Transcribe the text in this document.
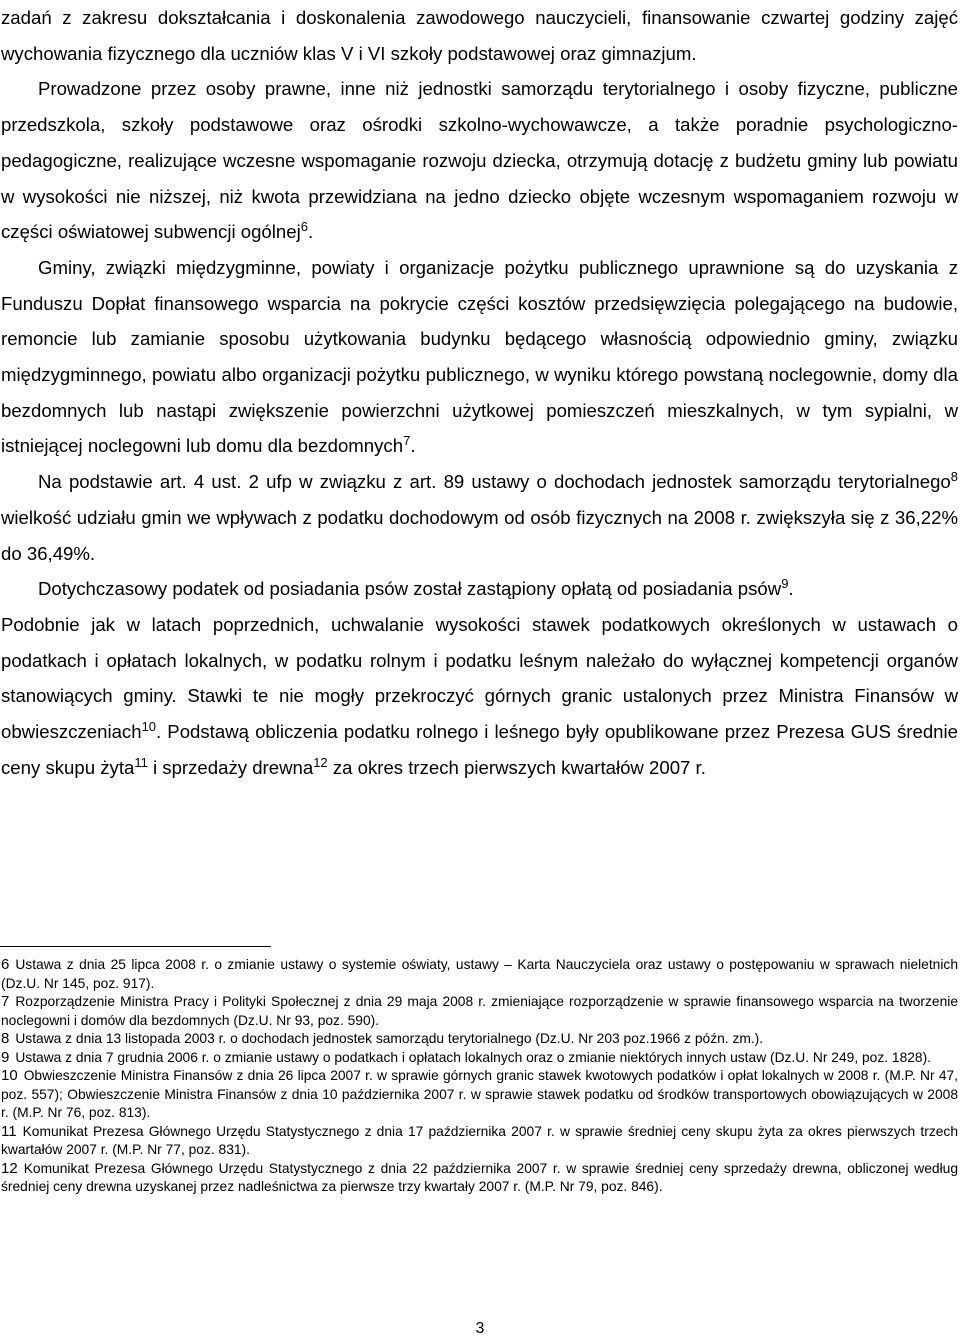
zadań z zakresu dokształcania i doskonalenia zawodowego nauczycieli, finansowanie czwartej godziny zajęć wychowania fizycznego dla uczniów klas V i VI szkoły podstawowej oraz gimnazjum.

Prowadzone przez osoby prawne, inne niż jednostki samorządu terytorialnego i osoby fizyczne, publiczne przedszkola, szkoły podstawowe oraz ośrodki szkolno-wychowawcze, a także poradnie psychologiczno-pedagogiczne, realizujące wczesne wspomaganie rozwoju dziecka, otrzymują dotację z budżetu gminy lub powiatu w wysokości nie niższej, niż kwota przewidziana na jedno dziecko objęte wczesnym wspomaganiem rozwoju w części oświatowej subwencji ogólnej$^6$.

Gminy, związki międzygminne, powiaty i organizacje pożytku publicznego uprawnione są do uzyskania z Funduszu Dopłat finansowego wsparcia na pokrycie części kosztów przedsięwzięcia polegającego na budowie, remoncie lub zamianie sposobu użytkowania budynku będącego własnością odpowiednio gminy, związku międzygminnego, powiatu albo organizacji pożytku publicznego, w wyniku którego powstaną noclegownie, domy dla bezdomnych lub nastąpi zwiększenie powierzchni użytkowej pomieszczeń mieszkalnych, w tym sypialni, w istniejącej noclegowni lub domu dla bezdomnych$^7$.

Na podstawie art. 4 ust. 2 ufp w związku z art. 89 ustawy o dochodach jednostek samorządu terytorialnego$^8$ wielkość udziału gmin we wpływach z podatku dochodowym od osób fizycznych na 2008 r. zwiększyła się z 36,22% do 36,49%.

Dotychczasowy podatek od posiadania psów został zastąpiony opłatą od posiadania psów$^9$.

Podobnie jak w latach poprzednich, uchwalanie wysokości stawek podatkowych określonych w ustawach o podatkach i opłatach lokalnych, w podatku rolnym i podatku leśnym należało do wyłącznej kompetencji organów stanowiących gminy. Stawki te nie mogły przekroczyć górnych granic ustalonych przez Ministra Finansów w obwieszczeniach$^{10}$. Podstawą obliczenia podatku rolnego i leśnego były opublikowane przez Prezesa GUS średnie ceny skupu żyta$^{11}$ i sprzedaży drewna$^{12}$ za okres trzech pierwszych kwartałów 2007 r.

6 Ustawa z dnia 25 lipca 2008 r. o zmianie ustawy o systemie oświaty, ustawy – Karta Nauczyciela oraz ustawy o postępowaniu w sprawach nieletnich (Dz.U. Nr 145, poz. 917).

7 Rozporządzenie Ministra Pracy i Polityki Społecznej z dnia 29 maja 2008 r. zmieniające rozporządzenie w sprawie finansowego wsparcia na tworzenie noclegowni i domów dla bezdomnych (Dz.U. Nr 93, poz. 590).

8 Ustawa z dnia 13 listopada 2003 r. o dochodach jednostek samorządu terytorialnego (Dz.U. Nr 203 poz.1966 z późn. zm.).

9 Ustawa z dnia 7 grudnia 2006 r. o zmianie ustawy o podatkach i opłatach lokalnych oraz o zmianie niektórych innych ustaw (Dz.U. Nr 249, poz. 1828).

10 Obwieszczenie Ministra Finansów z dnia 26 lipca 2007 r. w sprawie górnych granic stawek kwotowych podatków i opłat lokalnych w 2008 r. (M.P. Nr 47, poz. 557); Obwieszczenie Ministra Finansów z dnia 10 października 2007 r. w sprawie stawek podatku od środków transportowych obowiązujących w 2008 r. (M.P. Nr 76, poz. 813).

11 Komunikat Prezesa Głównego Urzędu Statystycznego z dnia 17 października 2007 r. w sprawie średniej ceny skupu żyta za okres pierwszych trzech kwartałów 2007 r. (M.P. Nr 77, poz. 831).

12 Komunikat Prezesa Głównego Urzędu Statystycznego z dnia 22 października 2007 r. w sprawie średniej ceny sprzedaży drewna, obliczonej według średniej ceny drewna uzyskanej przez nadleśnictwa za pierwsze trzy kwartały 2007 r. (M.P. Nr 79, poz. 846).

3
